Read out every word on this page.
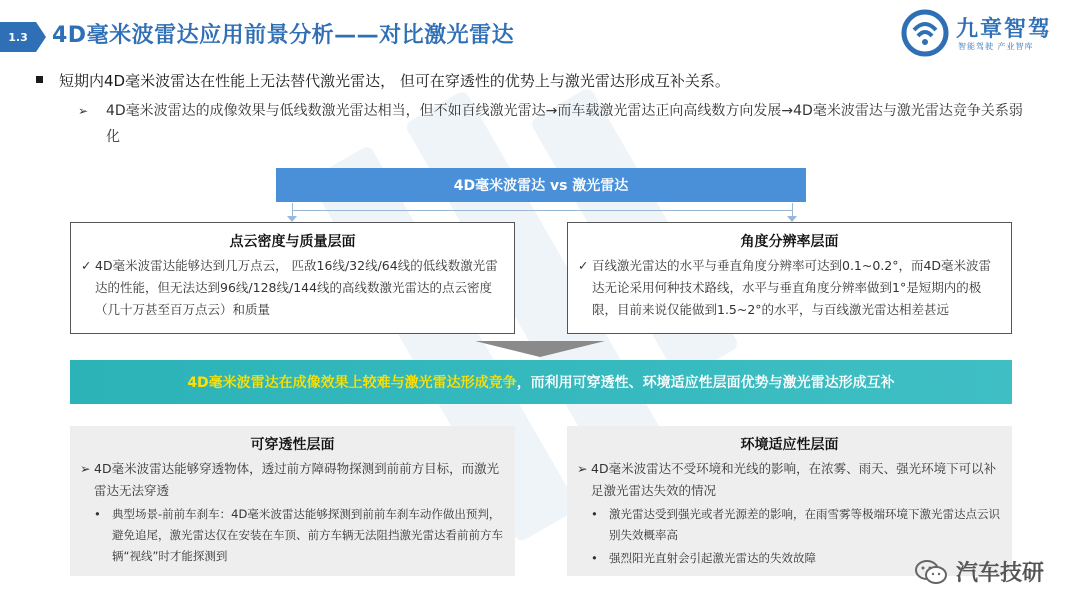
1.3	4D毫米波雷达应用前景分析——对比激光雷达	九章智驾
智能驾驶 产业智库
短期内4D毫米波雷达在性能上无法替代激光雷达， 但可在穿透性的优势上与激光雷达形成互补关系。
➢	4D毫米波雷达的成像效果与低线数激光雷达相当，但不如百线激光雷达→而车载激光雷达正向高线数方向发展→4D毫米波雷达与激光雷达竞争关系弱化
4D毫米波雷达 vs 激光雷达
点云密度与质量层面
✓ 4D毫米波雷达能够达到几万点云， 匹敌16线/32线/64线的低线数激光雷达的性能，但无法达到96线/128线/144线的高线数激光雷达的点云密度（几十万甚至百万点云）和质量
角度分辨率层面
✓ 百线激光雷达的水平与垂直角度分辨率可达到0.1~0.2°，而4D毫米波雷达无论采用何种技术路线，水平与垂直角度分辨率做到1°是短期内的极限，目前来说仅能做到1.5~2°的水平，与百线激光雷达相差甚远
4D毫米波雷达在成像效果上较难与激光雷达形成竞争 ，而利用可穿透性、环境适应性层面优势与激光雷达形成互补
可穿透性层面
➢ 4D毫米波雷达能够穿透物体，透过前方障碍物探测到前前方目标，而激光雷达无法穿透
• 典型场景-前前车刹车：4D毫米波雷达能够探测到前前车刹车动作做出预判，避免追尾，激光雷达仅在安装在车顶、前方车辆无法阻挡激光雷达看前前方车辆“视线”时才能探测到
环境适应性层面
➢ 4D毫米波雷达不受环境和光线的影响，在浓雾、雨天、强光环境下可以补足激光雷达失效的情况
• 激光雷达受到强光或者光源差的影响，在雨雪雾等极端环境下激光雷达点云识别失效概率高
• 强烈阳光直射会引起激光雷达的失效故障
汽车技研
